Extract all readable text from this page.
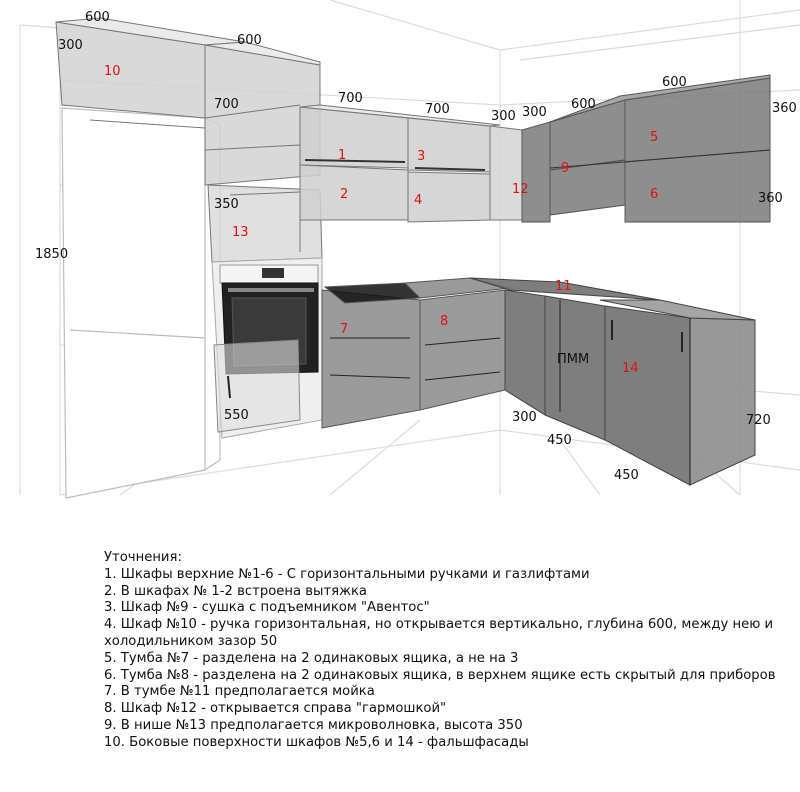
600
300	600
700	700
700	300 300
600
600
360
360
350
1850
550	300
450
450
720
10
1	3
2	4
12
9
5
6
13
7
8
11
14
ПММ
Уточнения:
1. Шкафы верхние №1-6 - С горизонтальными ручками и газлифтами
2. В шкафах № 1-2 встроена вытяжка
3. Шкаф №9 - сушка с подъемником "Авентос"
4. Шкаф №10 - ручка горизонтальная, но открывается вертикально, глубина 600, между нею и холодильником зазор 50
5. Тумба №7 - разделена на 2 одинаковых ящика, а не на 3
6. Тумба №8 - разделена на 2 одинаковых ящика, в верхнем ящике есть скрытый для приборов
7. В тумбе №11 предполагается мойка
8. Шкаф №12 - открывается справа "гармошкой"
9. В нише №13 предполагается микроволновка, высота 350
10. Боковые поверхности шкафов №5,6 и 14 - фальшфасады
